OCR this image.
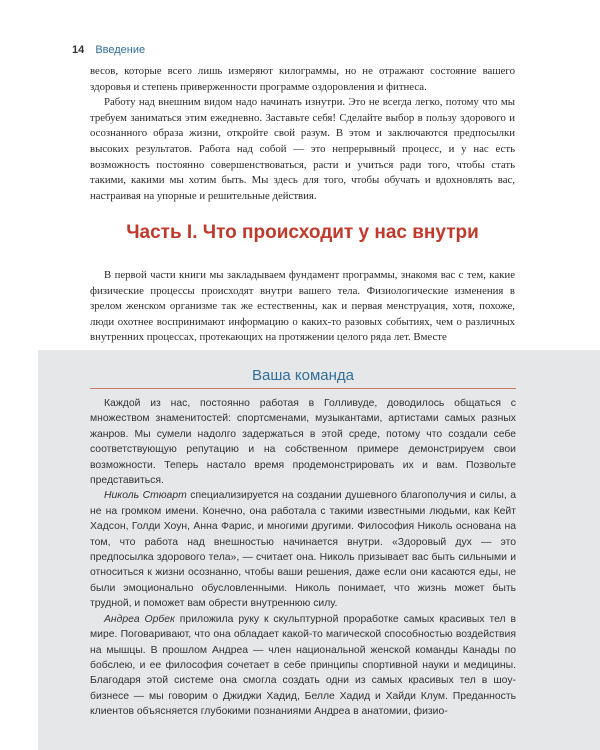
14 Введение

весов, которые всего лишь измеряют килограммы, но не отражают состояние вашего здоровья и степень приверженности программе оздоровления и фитнеса.

Работу над внешним видом надо начинать изнутри. Это не всегда легко, потому что мы требуем заниматься этим ежедневно. Заставьте себя! Сделайте выбор в пользу здорового и осознанного образа жизни, откройте свой разум. В этом и заключаются предпосылки высоких результатов. Работа над собой — это непрерывный процесс, и у нас есть возможность постоянно совершенствоваться, расти и учиться ради того, чтобы стать такими, какими мы хотим быть. Мы здесь для того, чтобы обучать и вдохновлять вас, настраивая на упорные и решительные действия.

Часть I. Что происходит у нас внутри

В первой части книги мы закладываем фундамент программы, знакомя вас с тем, какие физические процессы происходят внутри вашего тела. Физиологические изменения в зрелом женском организме так же естественны, как и первая менструация, хотя, похоже, люди охотнее воспринимают информацию о каких-то разовых событиях, чем о различных внутренних процессах, протекающих на протяжении целого ряда лет. Вместе

Ваша команда

Каждой из нас, постоянно работая в Голливуде, доводилось общаться с множеством знаменитостей: спортсменами, музыкантами, артистами самых разных жанров. Мы сумели надолго задержаться в этой среде, потому что создали себе соответствующую репутацию и на собственном примере демонстрируем свои возможности. Теперь настало время продемонстрировать их и вам. Позвольте представиться.

Николь Стюарт специализируется на создании душевного благополучия и силы, а не на громком имени. Конечно, она работала с такими известными людьми, как Кейт Хадсон, Голди Хоун, Анна Фарис, и многими другими. Философия Николь основана на том, что работа над внешностью начинается внутри. «Здоровый дух — это предпосылка здорового тела», — считает она. Николь призывает вас быть сильными и относиться к жизни осознанно, чтобы ваши решения, даже если они касаются еды, не были эмоционально обусловленными. Николь понимает, что жизнь может быть трудной, и поможет вам обрести внутреннюю силу.

Андреа Орбек приложила руку к скульптурной проработке самых красивых тел в мире. Поговаривают, что она обладает какой-то магической способностью воздействия на мышцы. В прошлом Андреа — член национальной женской команды Канады по бобслею, и ее философия сочетает в себе принципы спортивной науки и медицины. Благодаря этой системе она смогла создать одни из самых красивых тел в шоу-бизнесе — мы говорим о Джиджи Хадид, Белле Хадид и Хайди Клум. Преданность клиентов объясняется глубокими познаниями Андреа в анатомии, физио-
